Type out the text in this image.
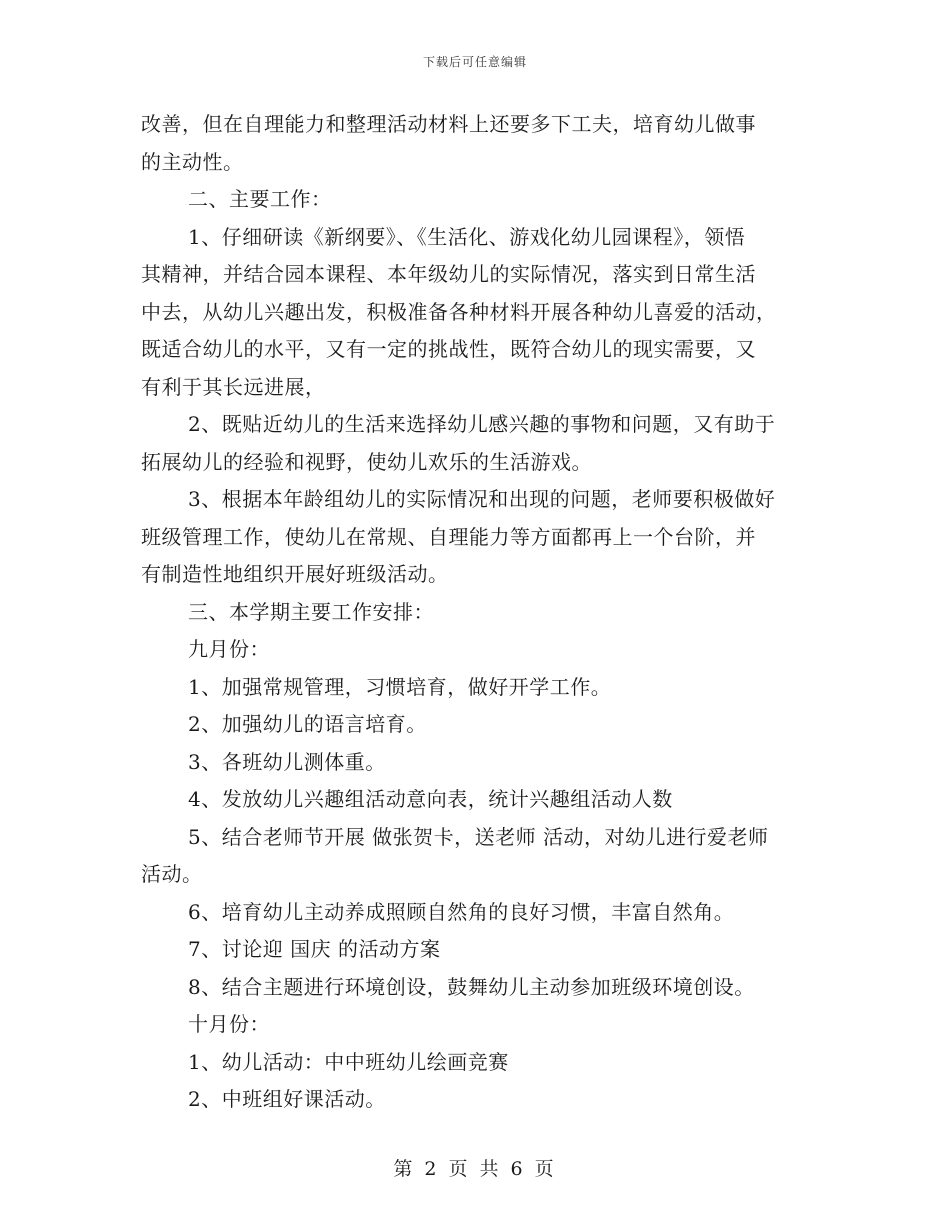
下载后可任意编辑
改善，但在自理能力和整理活动材料上还要多下工夫，培育幼儿做事
的主动性。
二、主要工作：
1、仔细研读《新纲要》、《生活化、游戏化幼儿园课程》，领悟
其精神，并结合园本课程、本年级幼儿的实际情况，落实到日常生活
中去，从幼儿兴趣出发，积极准备各种材料开展各种幼儿喜爱的活动，
既适合幼儿的水平，又有一定的挑战性，既符合幼儿的现实需要，又
有利于其长远进展，
2、既贴近幼儿的生活来选择幼儿感兴趣的事物和问题，又有助于
拓展幼儿的经验和视野，使幼儿欢乐的生活游戏。
3、根据本年龄组幼儿的实际情况和出现的问题，老师要积极做好
班级管理工作，使幼儿在常规、自理能力等方面都再上一个台阶，并
有制造性地组织开展好班级活动。
三、本学期主要工作安排：
九月份：
1、加强常规管理，习惯培育，做好开学工作。
2、加强幼儿的语言培育。
3、各班幼儿测体重。
4、发放幼儿兴趣组活动意向表，统计兴趣组活动人数
5、结合老师节开展 做张贺卡，送老师 活动，对幼儿进行爱老师
活动。
6、培育幼儿主动养成照顾自然角的良好习惯，丰富自然角。
7、讨论迎 国庆 的活动方案
8、结合主题进行环境创设，鼓舞幼儿主动参加班级环境创设。
十月份：
1、幼儿活动：中中班幼儿绘画竞赛
2、中班组好课活动。
第 2 页 共 6 页
